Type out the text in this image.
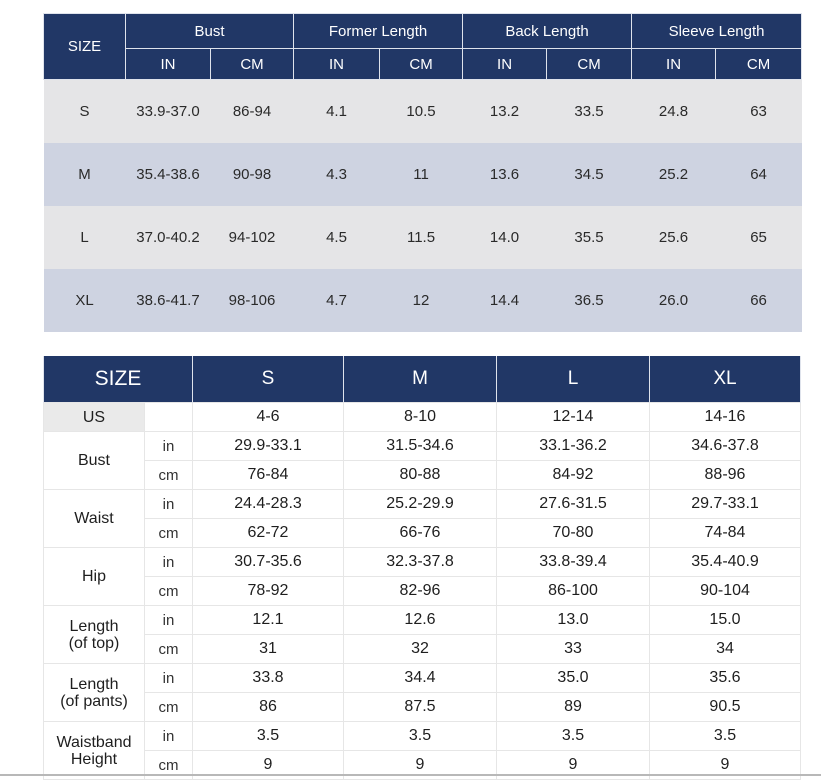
SIZE	Bust		Former Length		Back Length		Sleeve Length	
	IN	CM	IN	CM	IN	CM	IN	CM
S	33.9-37.0	86-94	4.1	10.5	13.2	33.5	24.8	63
M	35.4-38.6	90-98	4.3	11	13.6	34.5	25.2	64
L	37.0-40.2	94-102	4.5	11.5	14.0	35.5	25.6	65
XL	38.6-41.7	98-106	4.7	12	14.4	36.5	26.0	66
SIZE		S	M	L	XL
US		4-6	8-10	12-14	14-16
Bust	in	29.9-33.1	31.5-34.6	33.1-36.2	34.6-37.8
	cm	76-84	80-88	84-92	88-96
Waist	in	24.4-28.3	25.2-29.9	27.6-31.5	29.7-33.1
	cm	62-72	66-76	70-80	74-84
Hip	in	30.7-35.6	32.3-37.8	33.8-39.4	35.4-40.9
	cm	78-92	82-96	86-100	90-104
Length
(of top)	in	12.1	12.6	13.0	15.0
	cm	31	32	33	34
Length
(of pants)	in	33.8	34.4	35.0	35.6
	cm	86	87.5	89	90.5
Waistband
Height	in	3.5	3.5	3.5	3.5
	cm	9	9	9	9
